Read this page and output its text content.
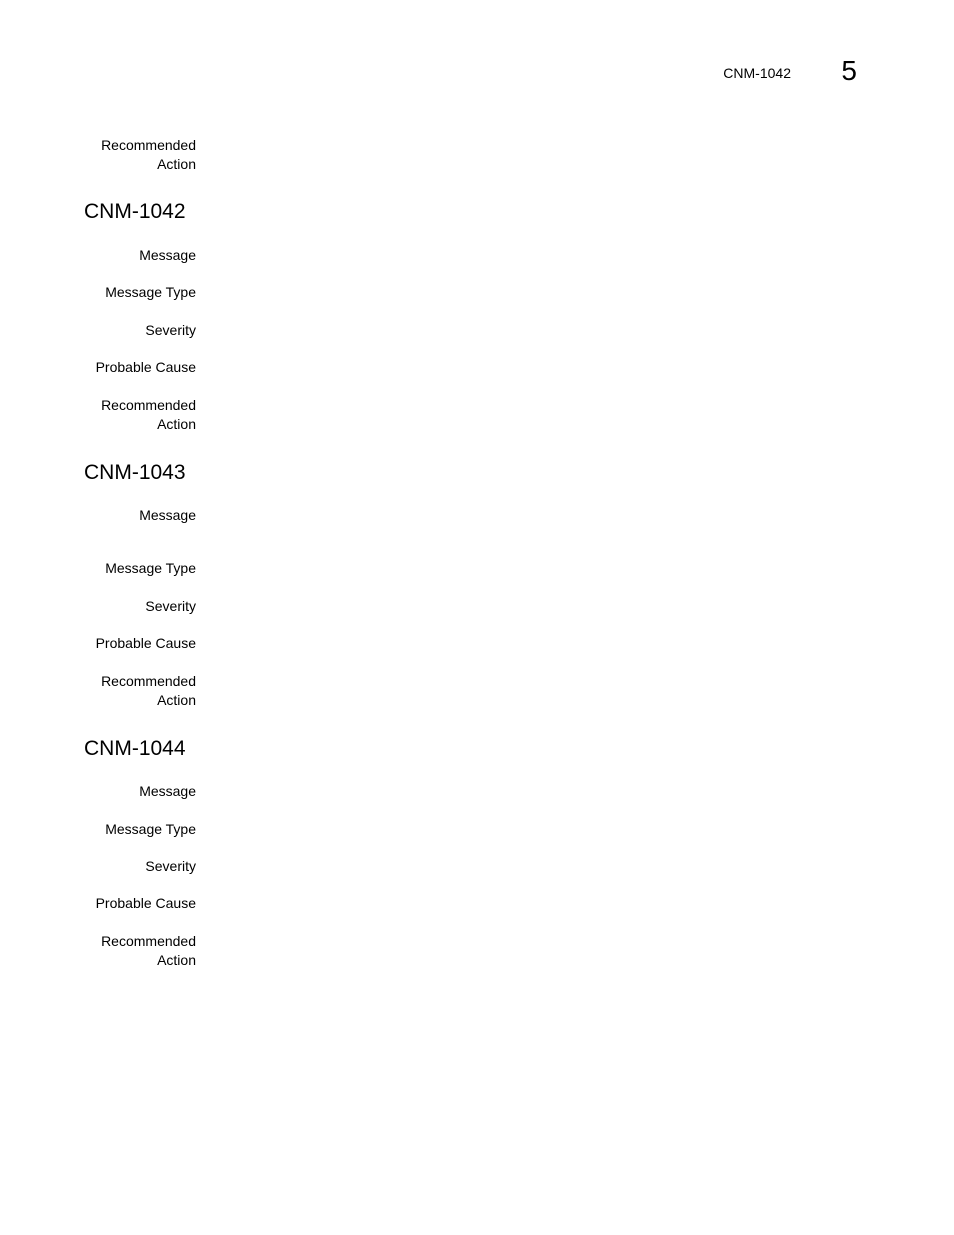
CNM-1042 5
Recommended
Action
CNM-1042
Message
Message Type
Severity
Probable Cause
Recommended
Action
CNM-1043
Message
Message Type
Severity
Probable Cause
Recommended
Action
CNM-1044
Message
Message Type
Severity
Probable Cause
Recommended
Action
